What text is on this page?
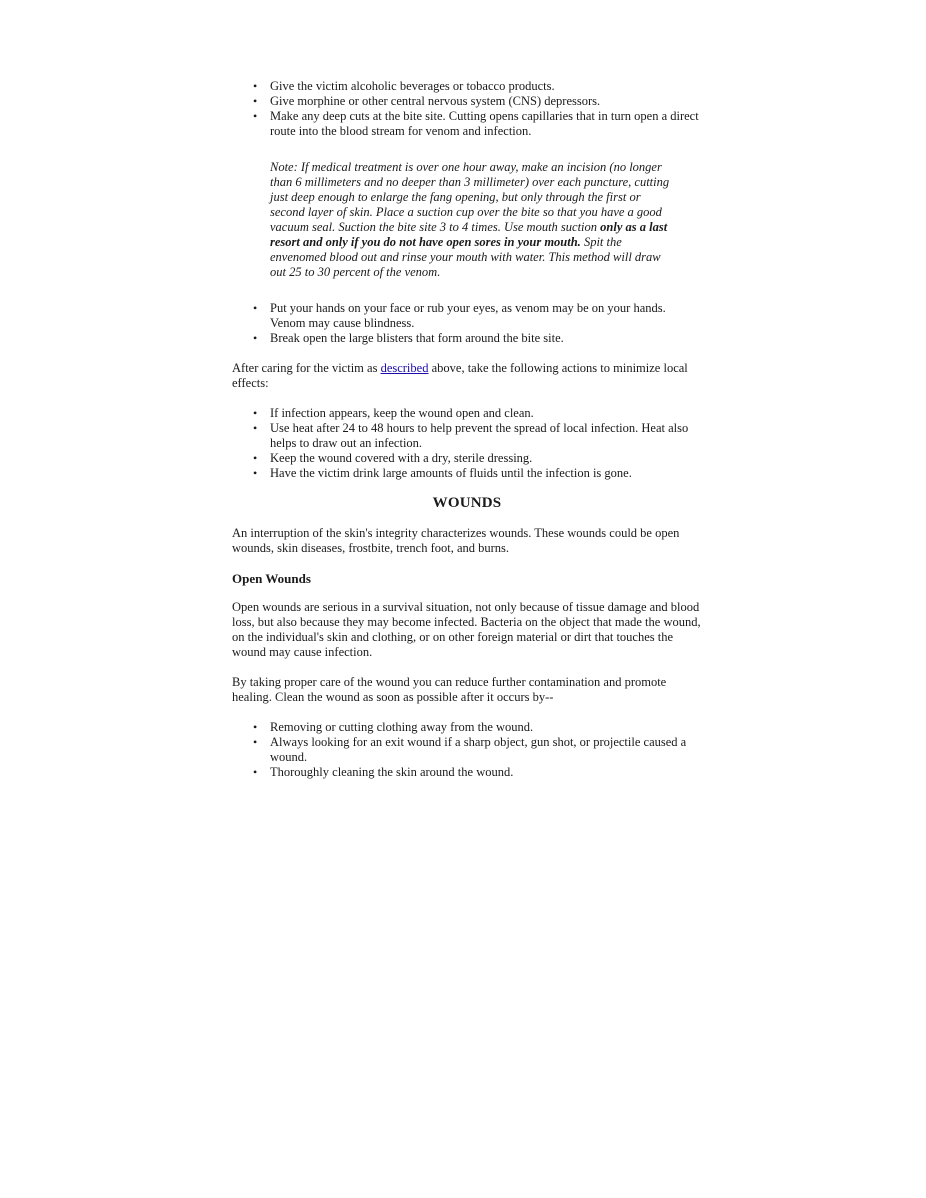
• Give the victim alcoholic beverages or tobacco products.
• Give morphine or other central nervous system (CNS) depressors.
• Make any deep cuts at the bite site. Cutting opens capillaries that in turn open a direct route into the blood stream for venom and infection.
Note: If medical treatment is over one hour away, make an incision (no longer than 6 millimeters and no deeper than 3 millimeter) over each puncture, cutting just deep enough to enlarge the fang opening, but only through the first or second layer of skin. Place a suction cup over the bite so that you have a good vacuum seal. Suction the bite site 3 to 4 times. Use mouth suction only as a last resort and only if you do not have open sores in your mouth. Spit the envenomed blood out and rinse your mouth with water. This method will draw out 25 to 30 percent of the venom.
• Put your hands on your face or rub your eyes, as venom may be on your hands. Venom may cause blindness.
• Break open the large blisters that form around the bite site.

After caring for the victim as described above, take the following actions to minimize local effects:

• If infection appears, keep the wound open and clean.
• Use heat after 24 to 48 hours to help prevent the spread of local infection. Heat also helps to draw out an infection.
• Keep the wound covered with a dry, sterile dressing.
• Have the victim drink large amounts of fluids until the infection is gone.
WOUNDS

An interruption of the skin's integrity characterizes wounds. These wounds could be open wounds, skin diseases, frostbite, trench foot, and burns.

Open Wounds

Open wounds are serious in a survival situation, not only because of tissue damage and blood loss, but also because they may become infected. Bacteria on the object that made the wound, on the individual's skin and clothing, or on other foreign material or dirt that touches the wound may cause infection.

By taking proper care of the wound you can reduce further contamination and promote healing. Clean the wound as soon as possible after it occurs by--

• Removing or cutting clothing away from the wound.
• Always looking for an exit wound if a sharp object, gun shot, or projectile caused a wound.
• Thoroughly cleaning the skin around the wound.
